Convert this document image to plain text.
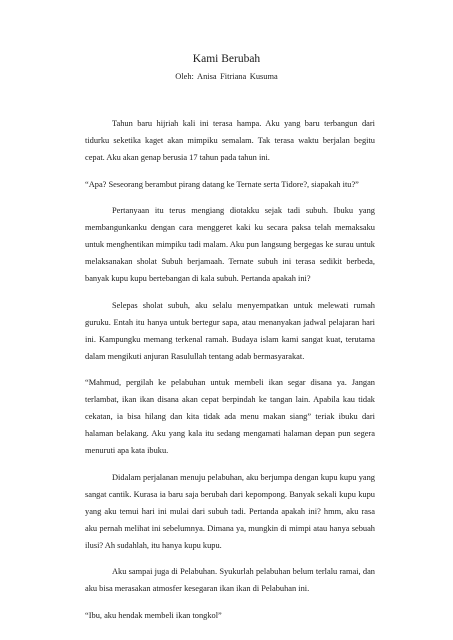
Kami Berubah
Oleh: Anisa Fitriana Kusuma

Tahun baru hijriah kali ini terasa hampa. Aku yang baru terbangun dari tidurku seketika kaget akan mimpiku semalam. Tak terasa waktu berjalan begitu cepat. Aku akan genap berusia 17 tahun pada tahun ini.

“Apa? Seseorang berambut pirang datang ke Ternate serta Tidore?, siapakah itu?”

Pertanyaan itu terus mengiang diotakku sejak tadi subuh. Ibuku yang membangunkanku dengan cara menggeret kaki ku secara paksa telah memaksaku untuk menghentikan mimpiku tadi malam. Aku pun langsung bergegas ke surau untuk melaksanakan sholat Subuh berjamaah. Ternate subuh ini terasa sedikit berbeda, banyak kupu kupu bertebangan di kala subuh. Pertanda apakah ini?

Selepas sholat subuh, aku selalu menyempatkan untuk melewati rumah guruku. Entah itu hanya untuk bertegur sapa, atau menanyakan jadwal pelajaran hari ini. Kampungku memang terkenal ramah. Budaya islam kami sangat kuat, terutama dalam mengikuti anjuran Rasulullah tentang adab bermasyarakat.

“Mahmud, pergilah ke pelabuhan untuk membeli ikan segar disana ya. Jangan terlambat, ikan ikan disana akan cepat berpindah ke tangan lain. Apabila kau tidak cekatan, ia bisa hilang dan kita tidak ada menu makan siang” teriak ibuku dari halaman belakang. Aku yang kala itu sedang mengamati halaman depan pun segera menuruti apa kata ibuku.

Didalam perjalanan menuju pelabuhan, aku berjumpa dengan kupu kupu yang sangat cantik. Kurasa ia baru saja berubah dari kepompong. Banyak sekali kupu kupu yang aku temui hari ini mulai dari subuh tadi. Pertanda apakah ini? hmm, aku rasa aku pernah melihat ini sebelumnya. Dimana ya, mungkin di mimpi atau hanya sebuah ilusi? Ah sudahlah, itu hanya kupu kupu.

Aku sampai juga di Pelabuhan. Syukurlah pelabuhan belum terlalu ramai, dan aku bisa merasakan atmosfer kesegaran ikan ikan di Pelabuhan ini.

“Ibu, aku hendak membeli ikan tongkol”
